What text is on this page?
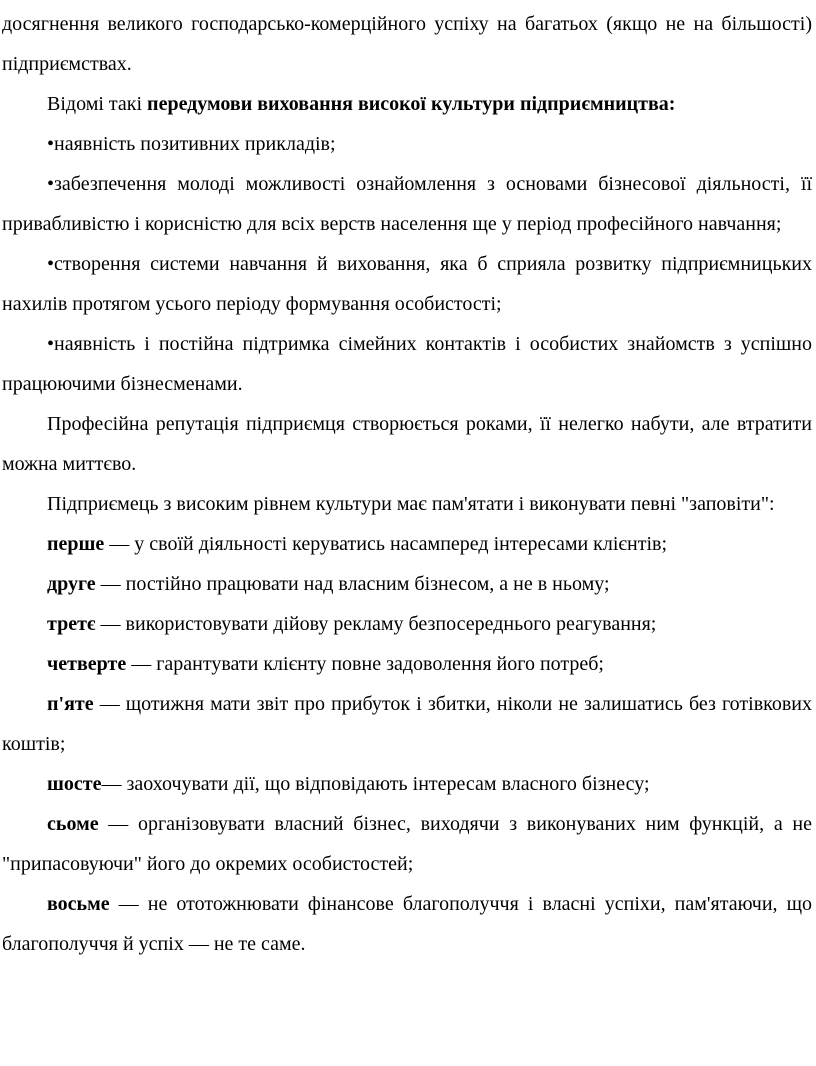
досягнення великого господарсько-комерційного успіху на багатьох (якщо не на більшості) підприємствах.

Відомі такі передумови виховання високої культури підприємництва:

•наявність позитивних прикладів;

•забезпечення молоді можливості ознайомлення з основами бізнесової діяльності, її привабливістю і корисністю для всіх верств населення ще у період професійного навчання;

•створення системи навчання й виховання, яка б сприяла розвитку підприємницьких нахилів протягом усього періоду формування особистості;

•наявність і постійна підтримка сімейних контактів і особистих знайомств з успішно працюючими бізнесменами.

Професійна репутація підприємця створюється роками, її нелегко набути, але втратити можна миттєво.

Підприємець з високим рівнем культури має пам'ятати і виконувати певні "заповіти":

перше — у своїй діяльності керуватись насамперед інтересами клієнтів;

друге — постійно працювати над власним бізнесом, а не в ньому;

третє — використовувати дійову рекламу безпосереднього реагування;

четверте — гарантувати клієнту повне задоволення його потреб;

п'яте — щотижня мати звіт про прибуток і збитки, ніколи не залишатись без готівкових коштів;

шосте— заохочувати дії, що відповідають інтересам власного бізнесу;

сьоме — організовувати власний бізнес, виходячи з виконуваних ним функцій, а не "припасовуючи" його до окремих особистостей;

восьме — не ототожнювати фінансове благополуччя і власні успіхи, пам'ятаючи, що благополуччя й успіх — не те саме.
